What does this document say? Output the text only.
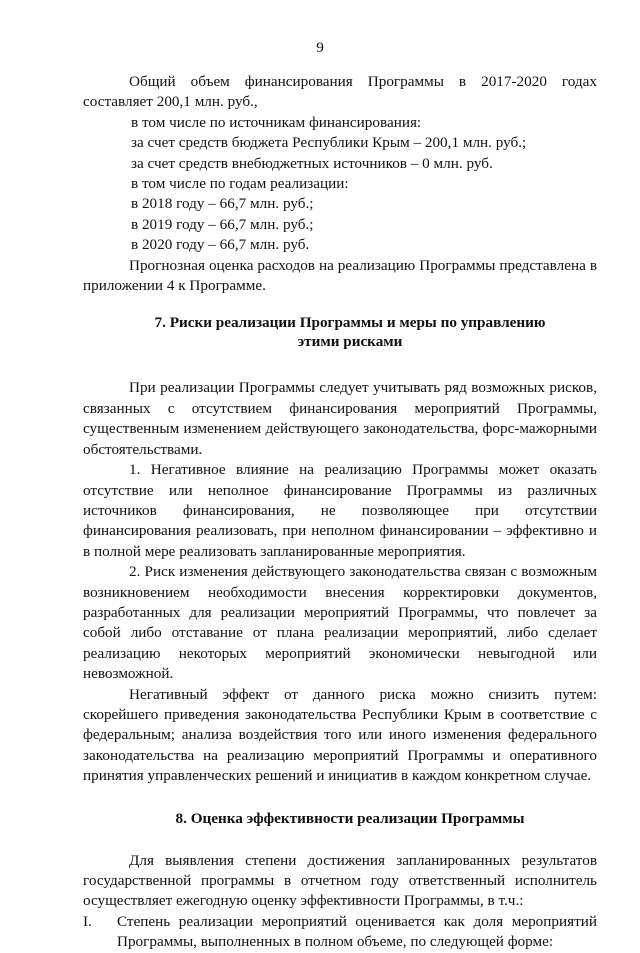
9

Общий объем финансирования Программы в 2017-2020 годах составляет 200,1 млн. руб.,

в том числе по источникам финансирования:

за счет средств бюджета Республики Крым – 200,1 млн. руб.;

за счет средств внебюджетных источников – 0 млн. руб.

в том числе по годам реализации:

в 2018 году – 66,7 млн. руб.;

в 2019 году – 66,7 млн. руб.;

в 2020 году – 66,7 млн. руб.

Прогнозная оценка расходов на реализацию Программы представлена в приложении 4 к Программе.

7. Риски реализации Программы и меры по управлению этими рисками

При реализации Программы следует учитывать ряд возможных рисков, связанных с отсутствием финансирования мероприятий Программы, существенным изменением действующего законодательства, форс-мажорными обстоятельствами.

1. Негативное влияние на реализацию Программы может оказать отсутствие или неполное финансирование Программы из различных источников финансирования, не позволяющее при отсутствии финансирования реализовать, при неполном финансировании – эффективно и в полной мере реализовать запланированные мероприятия.

2. Риск изменения действующего законодательства связан с возможным возникновением необходимости внесения корректировки документов, разработанных для реализации мероприятий Программы, что повлечет за собой либо отставание от плана реализации мероприятий, либо сделает реализацию некоторых мероприятий экономически невыгодной или невозможной.

Негативный эффект от данного риска можно снизить путем: скорейшего приведения законодательства Республики Крым в соответствие с федеральным; анализа воздействия того или иного изменения федерального законодательства на реализацию мероприятий Программы и оперативного принятия управленческих решений и инициатив в каждом конкретном случае.

8. Оценка эффективности реализации Программы

Для выявления степени достижения запланированных результатов государственной программы в отчетном году ответственный исполнитель осуществляет ежегодную оценку эффективности Программы, в т.ч.:

I.	Степень реализации мероприятий оценивается как доля мероприятий Программы, выполненных в полном объеме, по следующей форме:
